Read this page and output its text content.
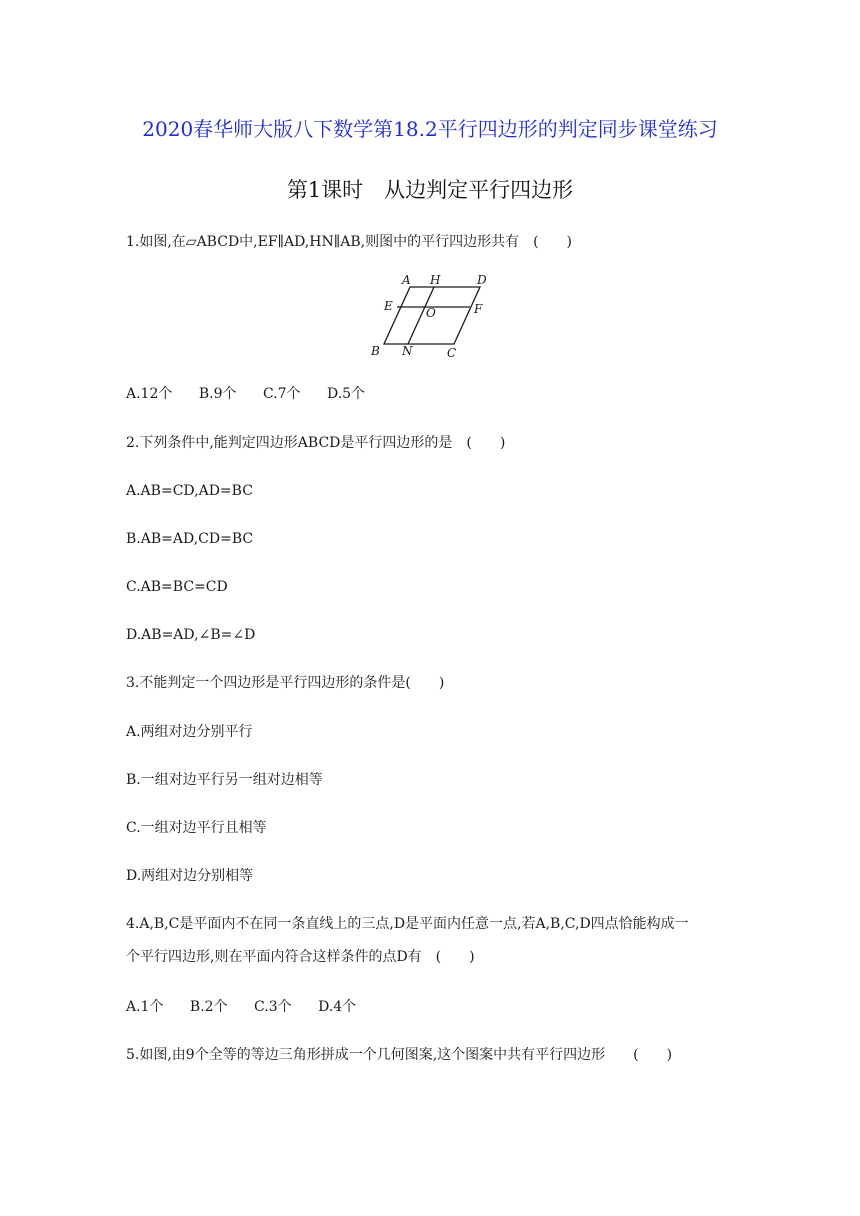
2020春华师大版八下数学第18.2平行四边形的判定同步课堂练习
第1课时　从边判定平行四边形
1.如图,在▱ABCD中,EF∥AD,HN∥AB,则图中的平行四边形共有　(　　)
A H	D
E	O	F
B N	C
A.12个 B.9个 C.7个 D.5个
2.下列条件中,能判定四边形ABCD是平行四边形的是　(　　)
A.AB=CD,AD=BC
B.AB=AD,CD=BC
C.AB=BC=CD
D.AB=AD,∠B=∠D
3.不能判定一个四边形是平行四边形的条件是(　　)
A.两组对边分别平行
B.一组对边平行另一组对边相等
C.一组对边平行且相等
D.两组对边分别相等
4.A,B,C是平面内不在同一条直线上的三点,D是平面内任意一点,若A,B,C,D四点恰能构成一
个平行四边形,则在平面内符合这样条件的点D有　(　　)
A.1个 B.2个 C.3个 D.4个
5.如图,由9个全等的等边三角形拼成一个几何图案,这个图案中共有平行四边形　　(　　)
